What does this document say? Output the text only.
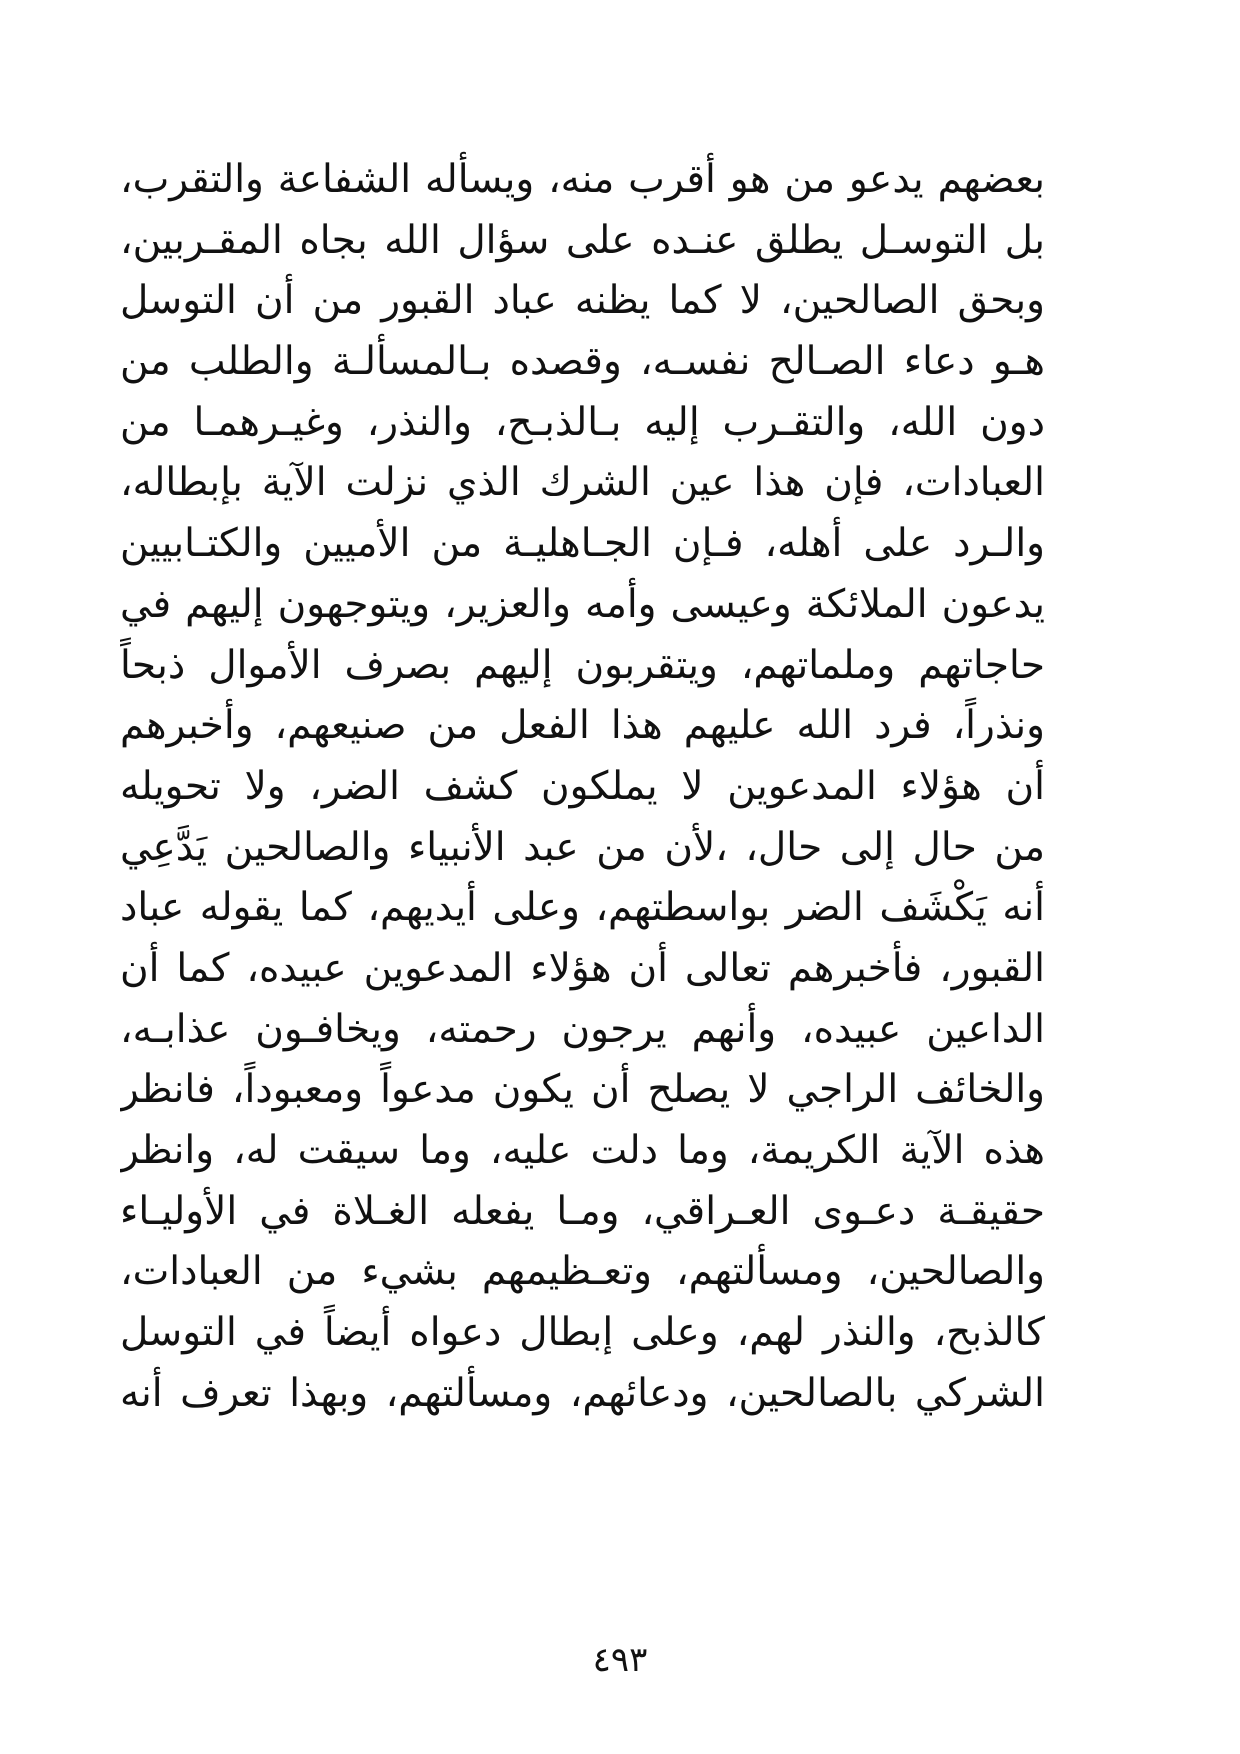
بعضهم يدعو من هو أقرب منه، ويسأله الشفاعة والتقرب،
بل التوسـل يطلق عنـده على سؤال الله بجاه المقـربين،
وبحق الصالحين، لا كما يظنه عباد القبور من أن التوسل
هـو دعاء الصـالح نفسـه، وقصده بـالمسألـة والطلب من
دون الله، والتقـرب إليه بـالذبـح، والنذر، وغيـرهمـا من
العبادات، فإن هذا عين الشرك الذي نزلت الآية بإبطاله،
والـرد على أهله، فـإن الجـاهليـة من الأميين والكتـابيين
يدعون الملائكة وعيسى وأمه والعزير، ويتوجهون إليهم في
حاجاتهم وملماتهم، ويتقربون إليهم بصرف الأموال ذبحاً
ونذراً، فرد الله عليهم هذا الفعل من صنيعهم، وأخبرهم
أن هؤلاء المدعوين لا يملكون كشف الضر، ولا تحويله
من حال إلى حال، ،لأن من عبد الأنبياء والصالحين يَدَّعِي
أنه يَكْشَف الضر بواسطتهم، وعلى أيديهم، كما يقوله عباد
القبور، فأخبرهم تعالى أن هؤلاء المدعوين عبيده، كما أن
الداعين عبيده، وأنهم يرجون رحمته، ويخافـون عذابـه،
والخائف الراجي لا يصلح أن يكون مدعواً ومعبوداً، فانظر
هذه الآية الكريمة، وما دلت عليه، وما سيقت له، وانظر
حقيقـة دعـوى العـراقي، ومـا يفعله الغـلاة في الأوليـاء
والصالحين، ومسألتهم، وتعـظيمهم بشيء من العبادات،
كالذبح، والنذر لهم، وعلى إبطال دعواه أيضاً في التوسل
الشركي بالصالحين، ودعائهم، ومسألتهم، وبهذا تعرف أنه
٤٩٣
